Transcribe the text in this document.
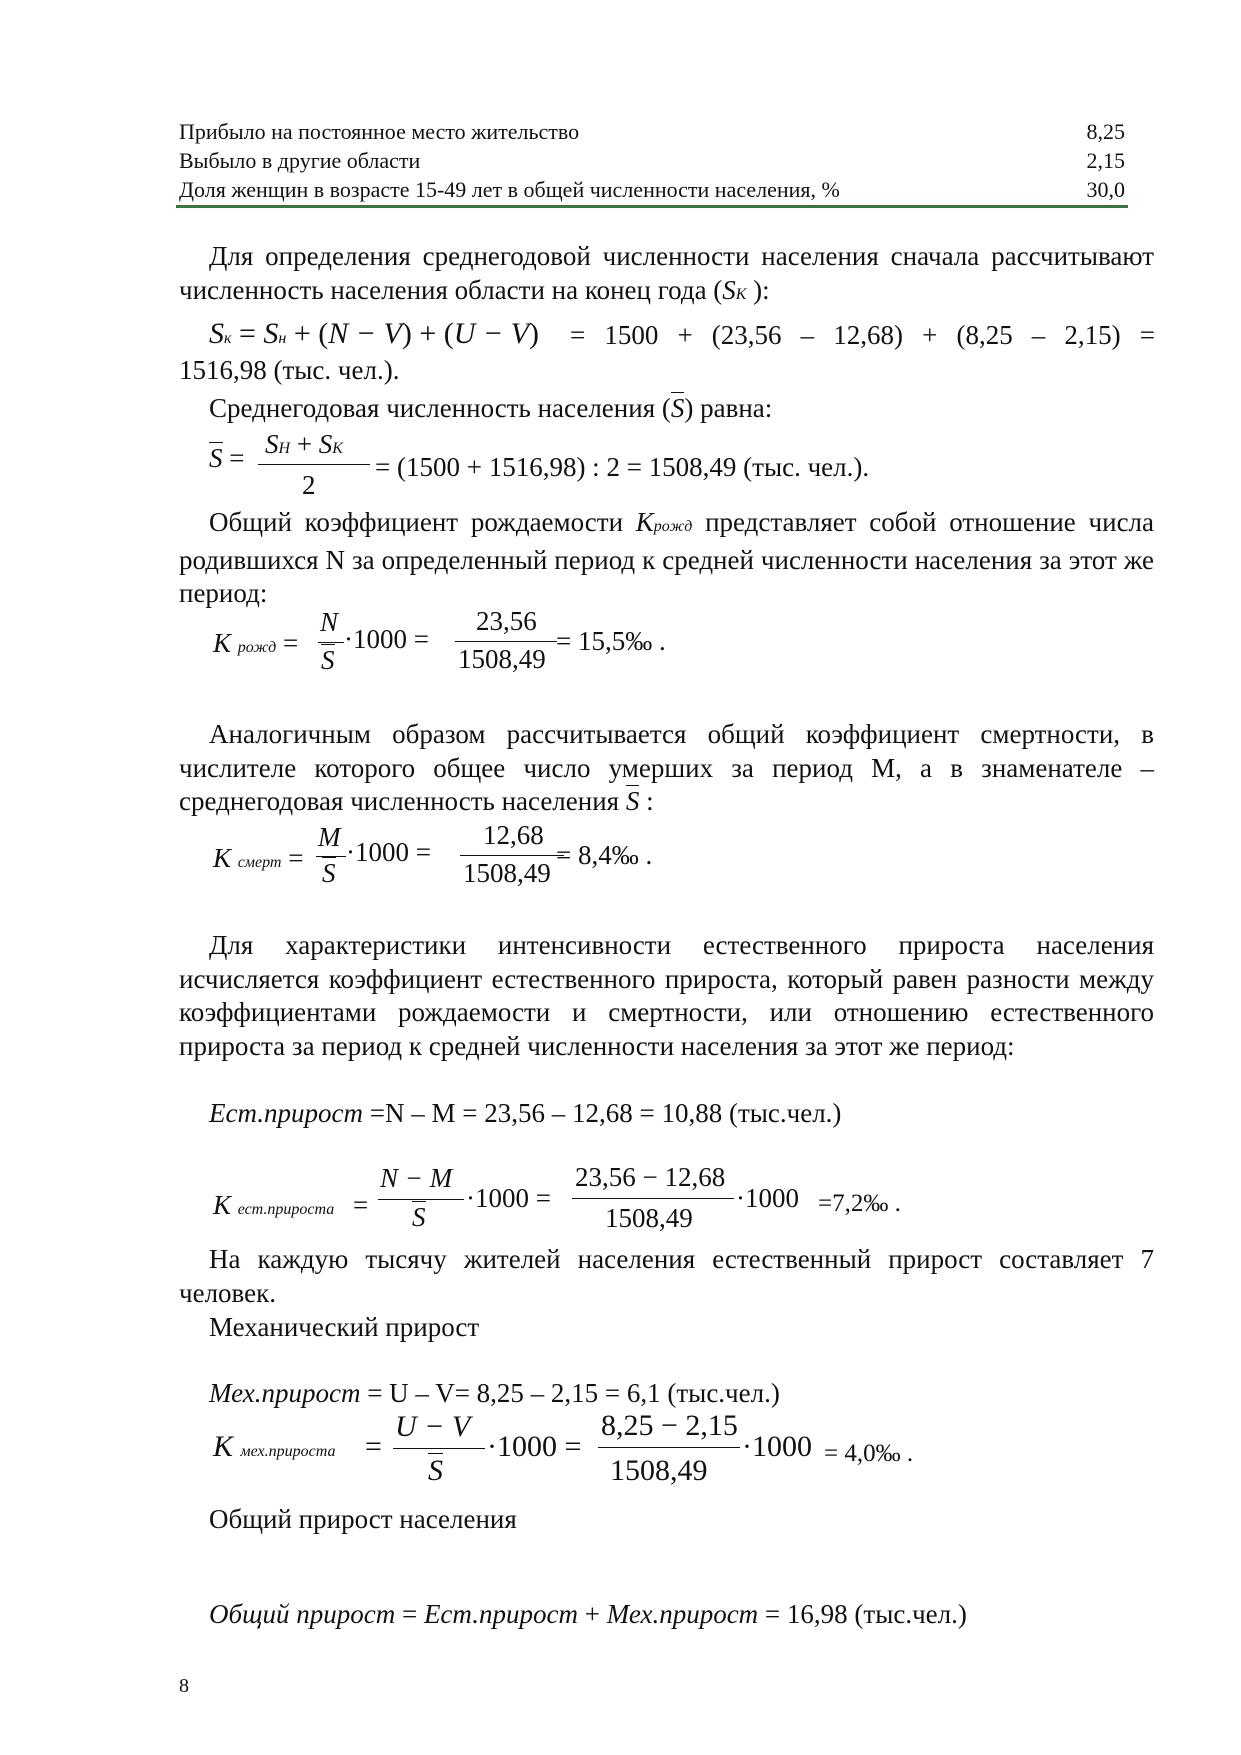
Прибыло на постоянное место жительство	8,25
Выбыло в другие области	2,15
Доля женщин в возрасте 15-49 лет в общей численности населения, %	30,0
Для определения среднегодовой численности населения сначала рассчитывают численность населения области на конец года (SК ):
Sк = Sн + (N − V) + (U − V) = 1500 + (23,56 – 12,68) + (8,25 – 2,15) =
1516,98 (тыс. чел.).
Среднегодовая численность населения (S) равна:
S = SН + SК
2
= (1500 + 1516,98) : 2 = 1508,49 (тыс. чел.).
Общий коэффициент рождаемости Крожд представляет собой отношение числа родившихся N за определенный период к средней численности населения за этот же период:
К рожд =
N
S
·1000 =
23,56
1508,49
= 15,5‰ .
Аналогичным образом рассчитывается общий коэффициент смертности, в числителе которого общее число умерших за период М, а в знаменателе – среднегодовая численность населения S :
К смерт =
М
S
·1000 =
12,68
1508,49
= 8,4‰ .
Для характеристики интенсивности естественного прироста населения исчисляется коэффициент естественного прироста, который равен разности между коэффициентами рождаемости и смертности, или отношению естественного прироста за период к средней численности населения за этот же период:
Ест.прирост =N – M = 23,56 – 12,68 = 10,88 (тыс.чел.)
К ест.прироста =
N − M
S
·1000 =
23,56 − 12,68
1508,49
·1000 =7,2‰ .
На каждую тысячу жителей населения естественный прирост составляет 7 человек.
Механический прирост
Мех.прирост = U – V= 8,25 – 2,15 = 6,1 (тыс.чел.)
К мех.прироста =
U − V
S
·1000 =
8,25 − 2,15
1508,49
·1000 = 4,0‰ .
Общий прирост населения
Общий прирост = Ест.прирост + Мех.прирост = 16,98 (тыс.чел.)
8
